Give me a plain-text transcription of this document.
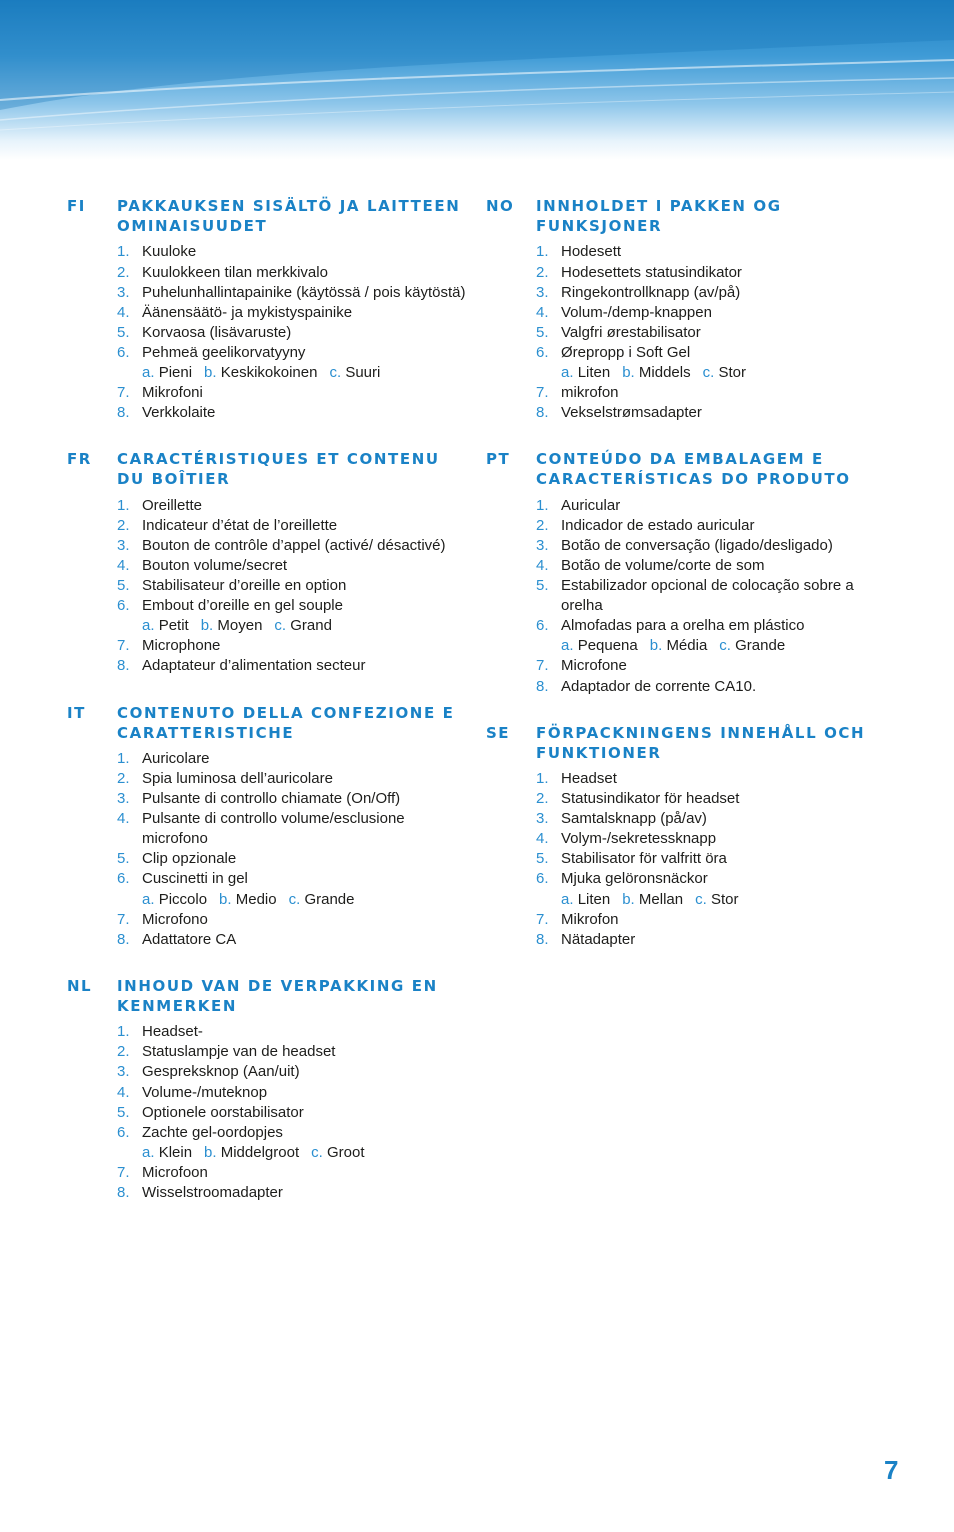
FI	PAKKAUKSEN SISÄLTÖ JA LAITTEEN OMINAISUUDET
1. Kuuloke
2. Kuulokkeen tilan merkkivalo
3. Puhelunhallintapainike (käytössä / pois käytöstä)
4. Äänensäätö- ja mykistyspainike
5. Korvaosa (lisävaruste)
6. Pehmeä geelikorvatyyny
a. Pieni b. Keskikokoinen c. Suuri
7. Mikrofoni
8. Verkkolaite
FR	CARACTÉRISTIQUES ET CONTENU DU BOÎTIER
1. Oreillette
2. Indicateur d’état de l’oreillette
3. Bouton de contrôle d’appel (activé/ désactivé)
4. Bouton volume/secret
5. Stabilisateur d’oreille en option
6. Embout d’oreille en gel souple
a. Petit b. Moyen c. Grand
7. Microphone
8. Adaptateur d’alimentation secteur
IT	CONTENUTO DELLA CONFEZIONE E CARATTERISTICHE
1. Auricolare
2. Spia luminosa dell’auricolare
3. Pulsante di controllo chiamate (On/Off)
4. Pulsante di controllo volume/esclusione microfono
5. Clip opzionale
6. Cuscinetti in gel
a. Piccolo b. Medio c. Grande
7. Microfono
8. Adattatore CA
NL	INHOUD VAN DE VERPAKKING EN KENMERKEN
1. Headset-
2. Statuslampje van de headset
3. Gespreksknop (Aan/uit)
4. Volume-/muteknop
5. Optionele oorstabilisator
6. Zachte gel-oordopjes
a. Klein b. Middelgroot c. Groot
7. Microfoon
8. Wisselstroomadapter
NO	INNHOLDET I PAKKEN OG FUNKSJONER
1. Hodesett
2. Hodesettets statusindikator
3. Ringekontrollknapp (av/på)
4. Volum-/demp-knappen
5. Valgfri ørestabilisator
6. Ørepropp i Soft Gel
a. Liten b. Middels c. Stor
7. mikrofon
8. Vekselstrømsadapter
PT	CONTEÚDO DA EMBALAGEM E CARACTERÍSTICAS DO PRODUTO
1. Auricular
2. Indicador de estado auricular
3. Botão de conversação (ligado/desligado)
4. Botão de volume/corte de som
5. Estabilizador opcional de colocação sobre a orelha
6. Almofadas para a orelha em plástico
a. Pequena b. Média c. Grande
7. Microfone
8. Adaptador de corrente CA10.
SE	FÖRPACKNINGENS INNEHÅLL OCH FUNKTIONER
1. Headset
2. Statusindikator för headset
3. Samtalsknapp (på/av)
4. Volym-/sekretessknapp
5. Stabilisator för valfritt öra
6. Mjuka gelöronsnäckor
a. Liten b. Mellan c. Stor
7. Mikrofon
8. Nätadapter
7
